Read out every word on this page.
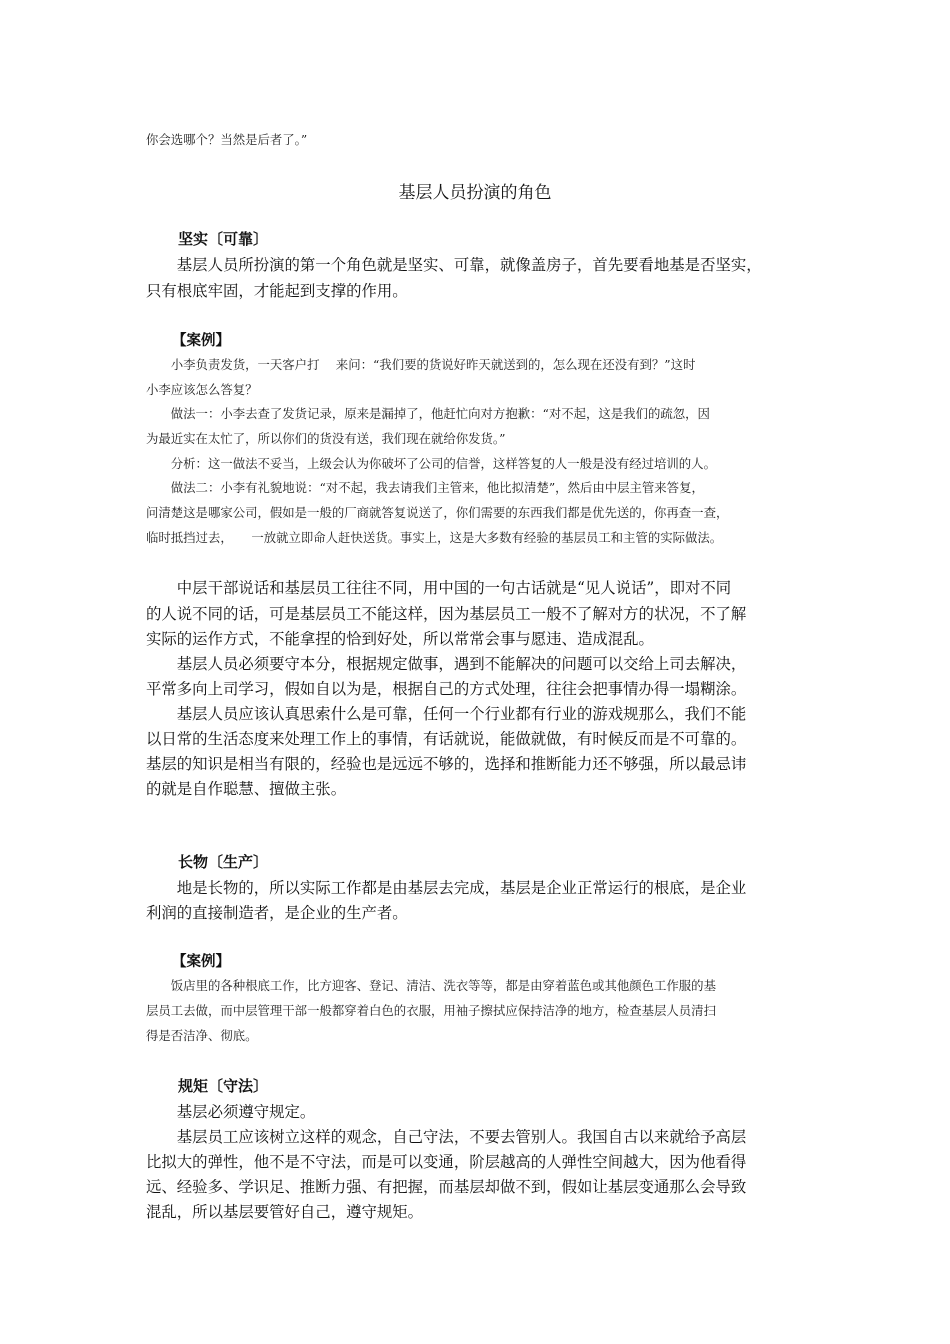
你会选哪个？当然是后者了。”
基层人员扮演的角色
坚实〔可靠〕
　　基层人员所扮演的第一个角色就是坚实、可靠，就像盖房子，首先要看地基是否坚实，
只有根底牢固，才能起到支撑的作用。
【案例】
　　小李负责发货，一天客户打　 来问：“我们要的货说好昨天就送到的，怎么现在还没有到？”这时
小李应该怎么答复？
　　做法一：小李去查了发货记录，原来是漏掉了，他赶忙向对方抱歉：“对不起，这是我们的疏忽，因
为最近实在太忙了，所以你们的货没有送，我们现在就给你发货。”
　　分析：这一做法不妥当，上级会认为你破坏了公司的信誉，这样答复的人一般是没有经过培训的人。
　　做法二：小李有礼貌地说：“对不起，我去请我们主管来，他比拟清楚”，然后由中层主管来答复，
问清楚这是哪家公司，假如是一般的厂商就答复说送了，你们需要的东西我们都是优先送的，你再查一查，
临时抵挡过去，　　一放就立即命人赶快送货。事实上，这是大多数有经验的基层员工和主管的实际做法。
　　中层干部说话和基层员工往往不同，用中国的一句古话就是“见人说话”，即对不同
的人说不同的话，可是基层员工不能这样，因为基层员工一般不了解对方的状况，不了解
实际的运作方式，不能拿捏的恰到好处，所以常常会事与愿违、造成混乱。
　　基层人员必须要守本分，根据规定做事，遇到不能解决的问题可以交给上司去解决，
平常多向上司学习，假如自以为是，根据自己的方式处理，往往会把事情办得一塌糊涂。
　　基层人员应该认真思索什么是可靠，任何一个行业都有行业的游戏规那么，我们不能
以日常的生活态度来处理工作上的事情，有话就说，能做就做，有时候反而是不可靠的。
基层的知识是相当有限的，经验也是远远不够的，选择和推断能力还不够强，所以最忌讳
的就是自作聪慧、擅做主张。
长物〔生产〕
　　地是长物的，所以实际工作都是由基层去完成，基层是企业正常运行的根底，是企业
利润的直接制造者，是企业的生产者。
【案例】
　　饭店里的各种根底工作，比方迎客、登记、清洁、洗衣等等，都是由穿着蓝色或其他颜色工作服的基
层员工去做，而中层管理干部一般都穿着白色的衣服，用袖子擦拭应保持洁净的地方，检查基层人员清扫
得是否洁净、彻底。
规矩〔守法〕
　　基层必须遵守规定。
　　基层员工应该树立这样的观念，自己守法，不要去管别人。我国自古以来就给予高层
比拟大的弹性，他不是不守法，而是可以变通，阶层越高的人弹性空间越大，因为他看得
远、经验多、学识足、推断力强、有把握，而基层却做不到，假如让基层变通那么会导致
混乱，所以基层要管好自己，遵守规矩。
